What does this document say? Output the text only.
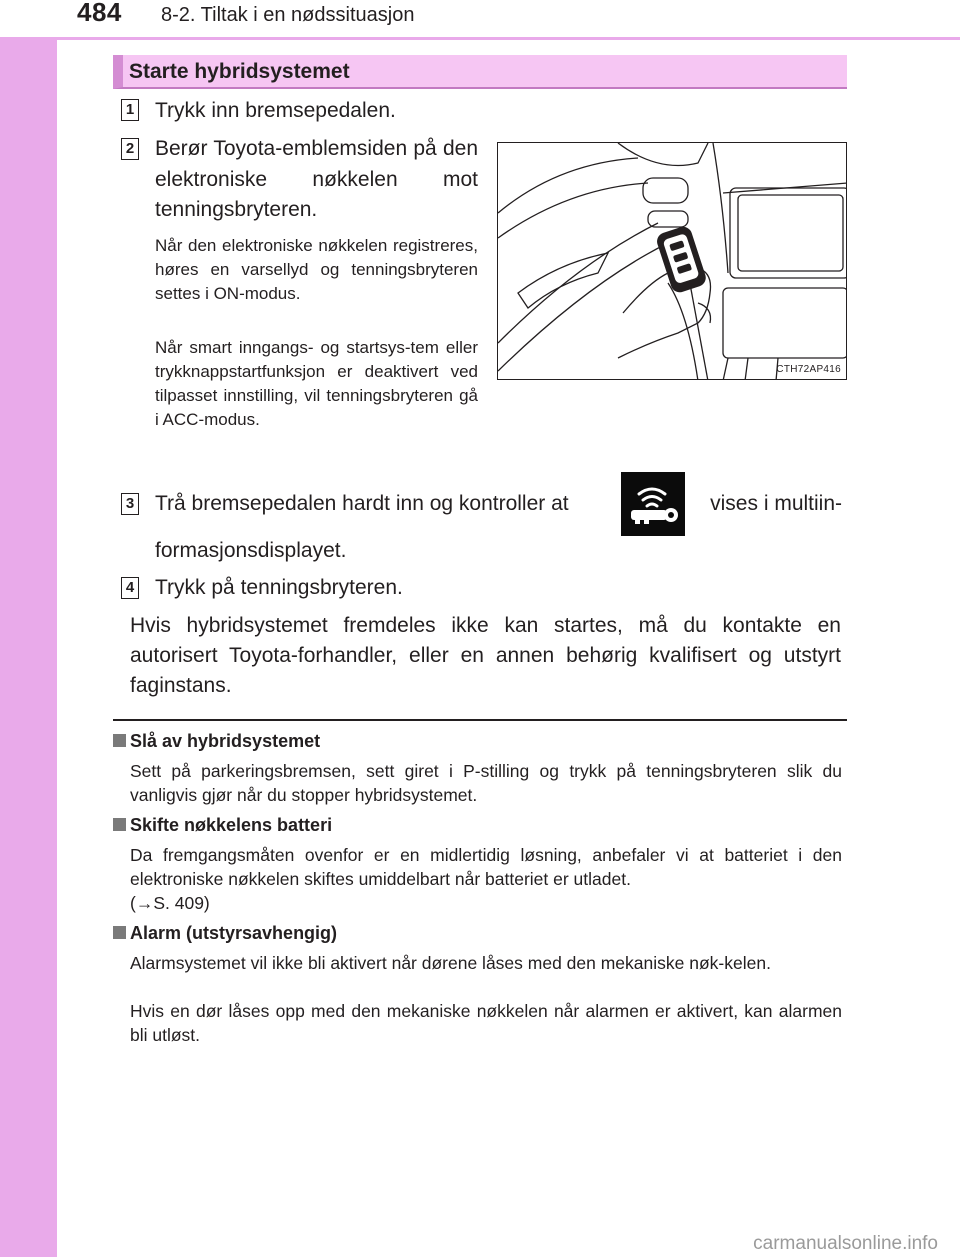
484 8-2. Tiltak i en nødssituasjon
Starte hybridsystemet
1 Trykk inn bremsepedalen.
2 Berør Toyota-emblemsiden på den elektroniske nøkkelen mot tenningsbryteren.
Når den elektroniske nøkkelen registreres, høres en varsellyd og tenningsbryteren settes i ON-modus.
Når smart inngangs- og startsys-tem eller trykknappstartfunksjon er deaktivert ved tilpasset innstilling, vil tenningsbryteren gå i ACC-modus.
CTH72AP416
3 Trå bremsepedalen hardt inn og kontroller at	vises i multiin-
formasjonsdisplayet.
4 Trykk på tenningsbryteren.
Hvis hybridsystemet fremdeles ikke kan startes, må du kontakte en autorisert Toyota-forhandler, eller en annen behørig kvalifisert og utstyrt faginstans.
Slå av hybridsystemet
Sett på parkeringsbremsen, sett giret i P-stilling og trykk på tenningsbryteren slik du vanligvis gjør når du stopper hybridsystemet.
Skifte nøkkelens batteri
Da fremgangsmåten ovenfor er en midlertidig løsning, anbefaler vi at batteriet i den elektroniske nøkkelen skiftes umiddelbart når batteriet er utladet.
(→S. 409)
Alarm (utstyrsavhengig)
Alarmsystemet vil ikke bli aktivert når dørene låses med den mekaniske nøk-kelen.
Hvis en dør låses opp med den mekaniske nøkkelen når alarmen er aktivert, kan alarmen bli utløst.
carmanualsonline.info
